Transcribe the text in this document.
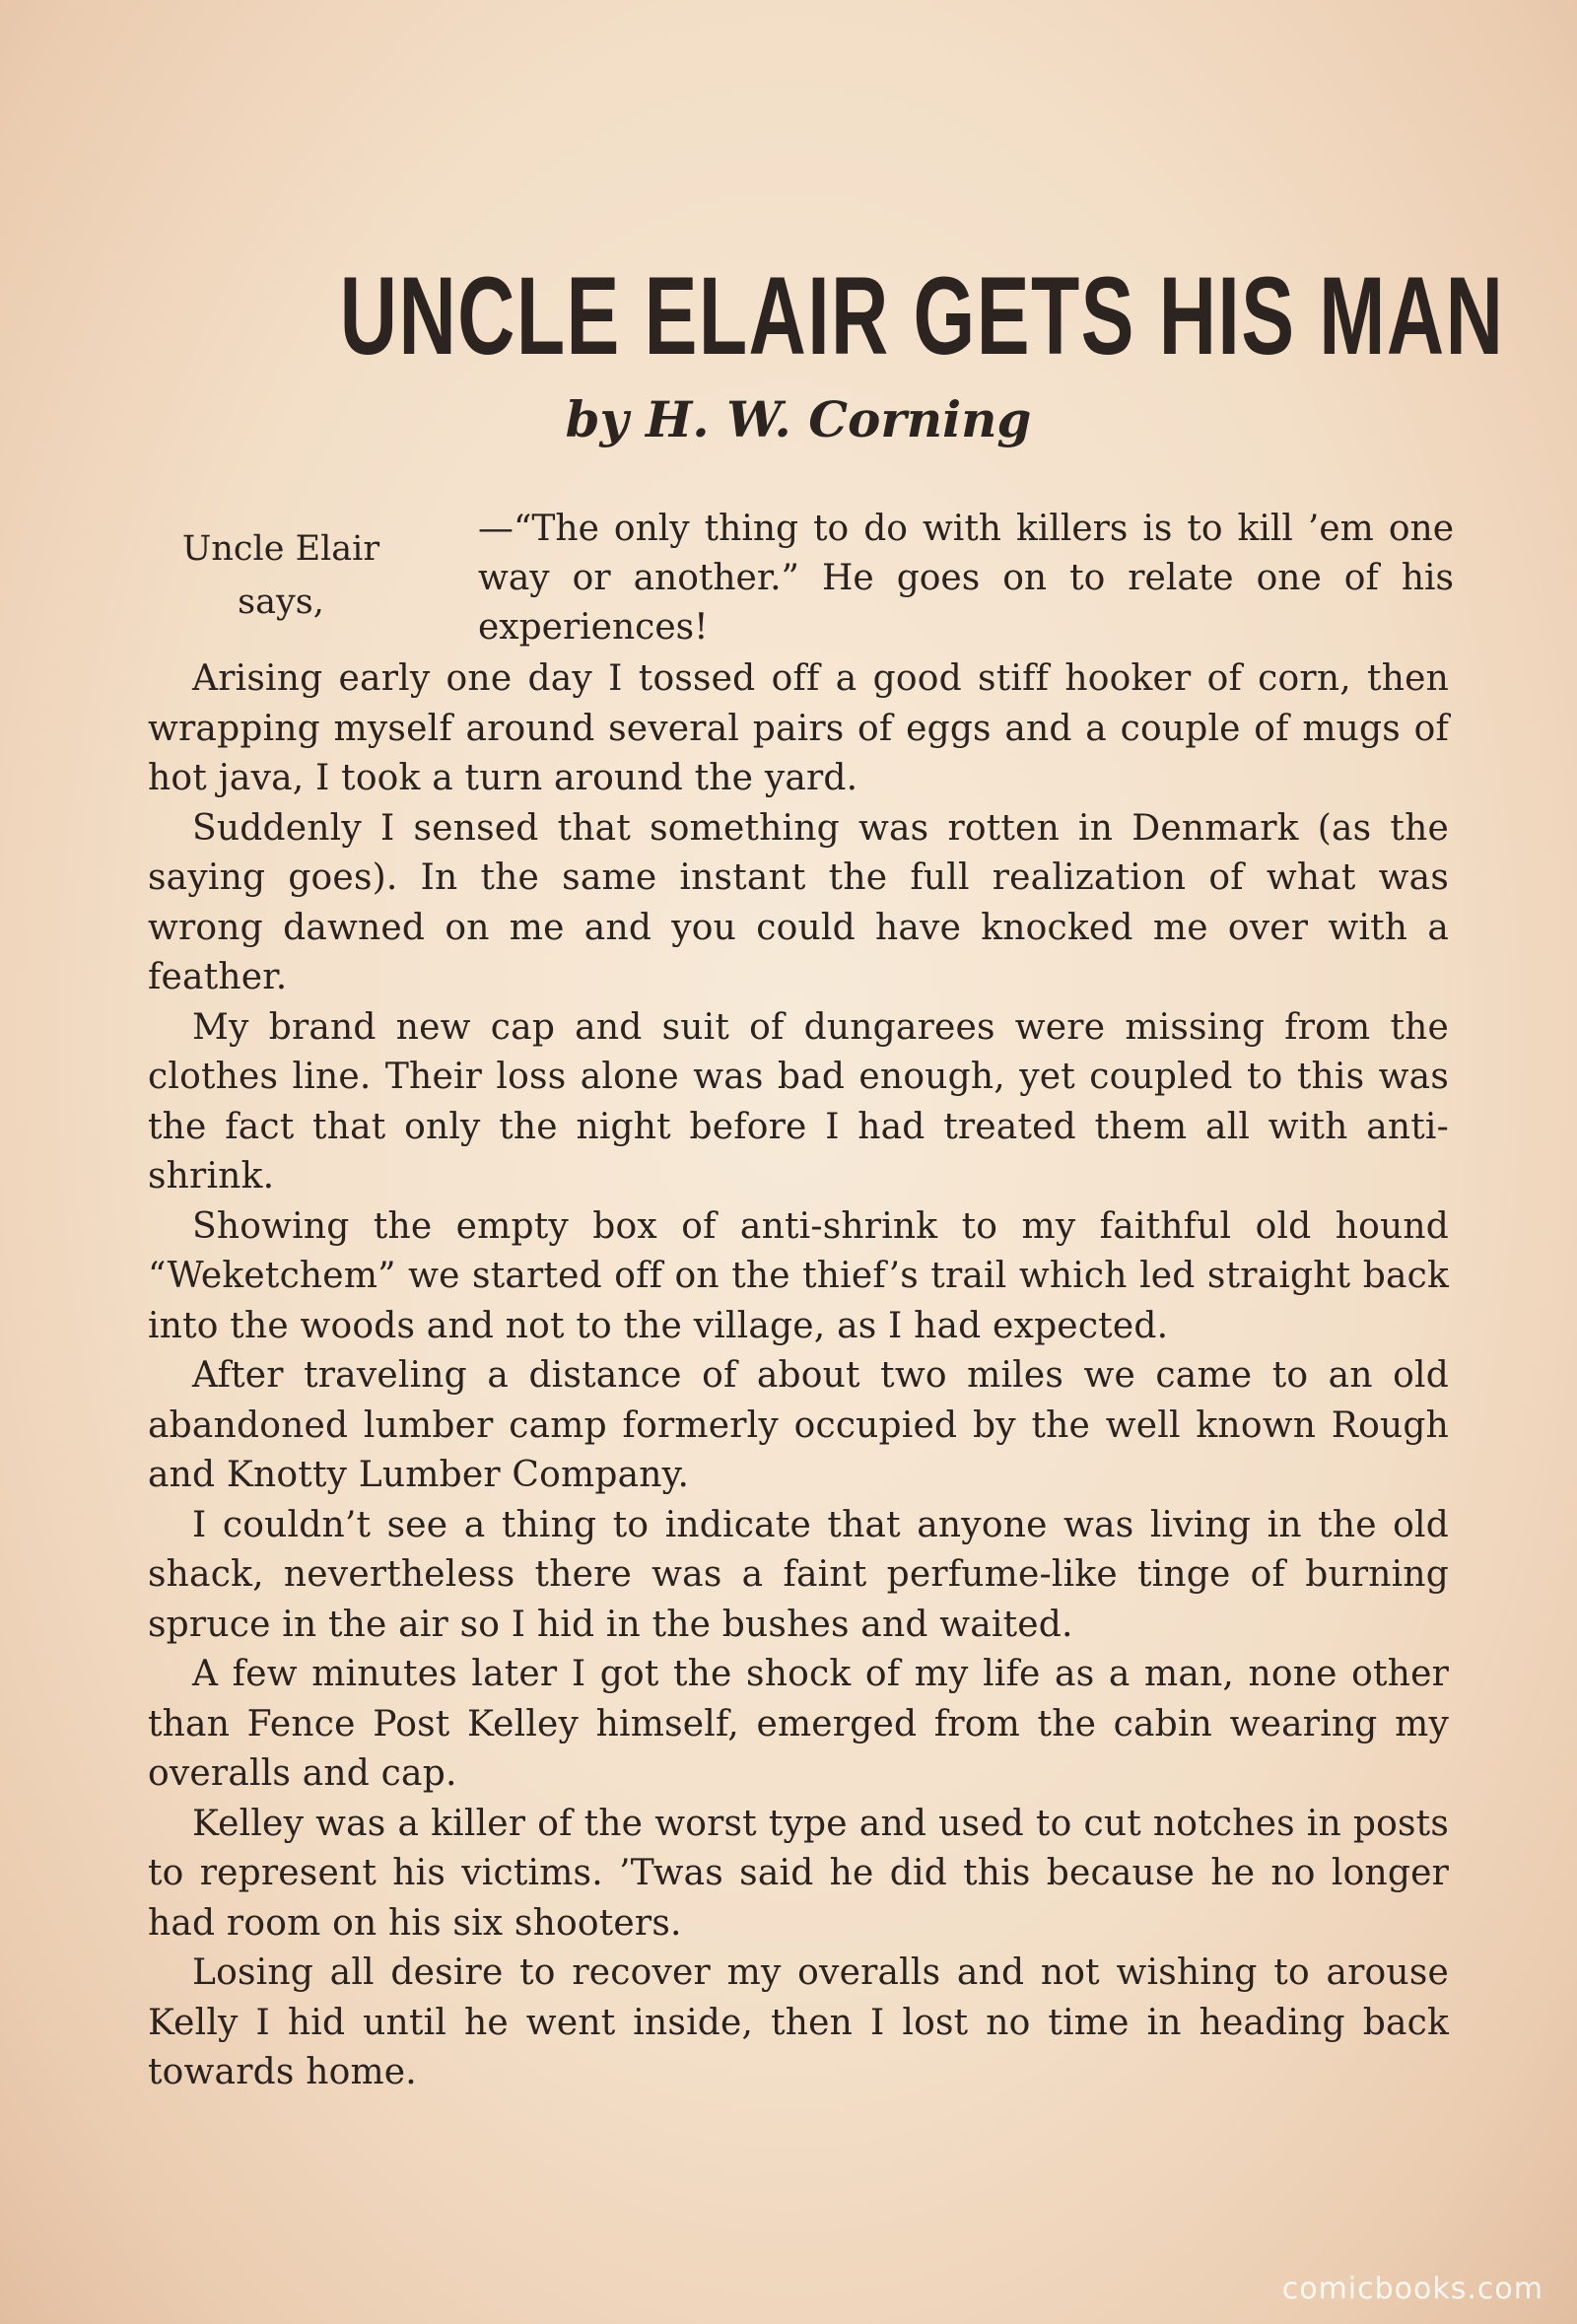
UNCLE ELAIR GETS HIS MAN
by H. W. Corning
Uncle Elair says,
—“The only thing to do with killers is to kill ’em one way or another.” He goes on to relate one of his experiences!

Arising early one day I tossed off a good stiff hooker of corn, then wrapping myself around several pairs of eggs and a couple of mugs of hot java, I took a turn around the yard.

Suddenly I sensed that something was rotten in Denmark (as the saying goes). In the same instant the full realization of what was wrong dawned on me and you could have knocked me over with a feather.

My brand new cap and suit of dungarees were missing from the clothes line. Their loss alone was bad enough, yet coupled to this was the fact that only the night before I had treated them all with anti-shrink.

Showing the empty box of anti-shrink to my faithful old hound “Weketchem” we started off on the thief’s trail which led straight back into the woods and not to the village, as I had expected.

After traveling a distance of about two miles we came to an old abandoned lumber camp formerly occupied by the well known Rough and Knotty Lumber Company.

I couldn’t see a thing to indicate that anyone was living in the old shack, nevertheless there was a faint perfume-like tinge of burning spruce in the air so I hid in the bushes and waited.

A few minutes later I got the shock of my life as a man, none other than Fence Post Kelley himself, emerged from the cabin wearing my overalls and cap.

Kelley was a killer of the worst type and used to cut notches in posts to represent his victims. ’Twas said he did this because he no longer had room on his six shooters.

Losing all desire to recover my overalls and not wishing to arouse Kelly I hid until he went inside, then I lost no time in heading back towards home.

comicbooks.com
